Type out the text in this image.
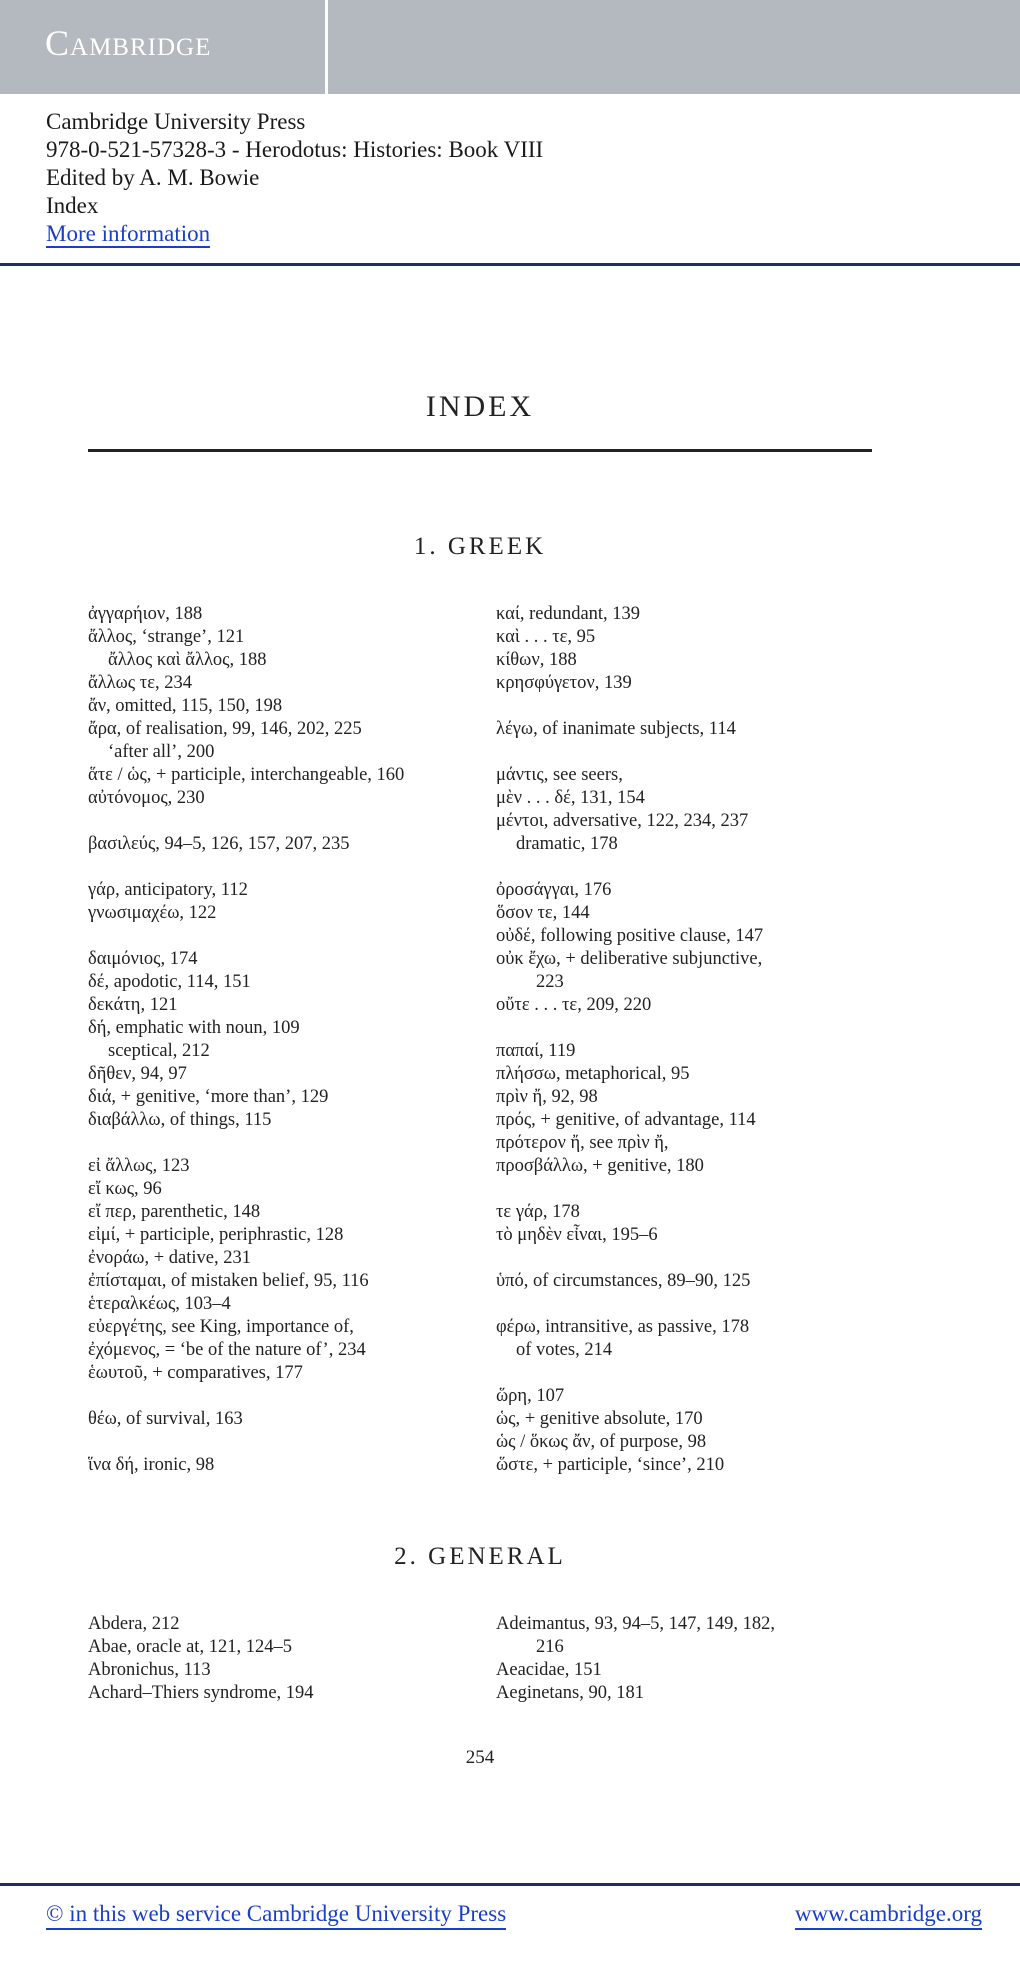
Cambridge
Cambridge University Press
978-0-521-57328-3 - Herodotus: Histories: Book VIII
Edited by A. M. Bowie
Index
More information
INDEX
1. GREEK
ἀγγαρήιον, 188
ἄλλος, ‘strange’, 121
ἄλλος καὶ ἄλλος, 188
ἄλλως τε, 234
ἄν, omitted, 115, 150, 198
ἄρα, of realisation, 99, 146, 202, 225
‘after all’, 200
ἅτε / ὡς, + participle, interchangeable, 160
αὐτόνομος, 230
βασιλεύς, 94–5, 126, 157, 207, 235
γάρ, anticipatory, 112
γνωσιμαχέω, 122
δαιμόνιος, 174
δέ, apodotic, 114, 151
δεκάτη, 121
δή, emphatic with noun, 109
sceptical, 212
δῆθεν, 94, 97
διά, + genitive, ‘more than’, 129
διαβάλλω, of things, 115
εἰ ἄλλως, 123
εἴ κως, 96
εἴ περ, parenthetic, 148
εἰμί, + participle, periphrastic, 128
ἐνοράω, + dative, 231
ἐπίσταμαι, of mistaken belief, 95, 116
ἑτεραλκέως, 103–4
εὐεργέτης, see King, importance of,
ἐχόμενος, = ‘be of the nature of’, 234
ἑωυτοῦ, + comparatives, 177
θέω, of survival, 163
ἵνα δή, ironic, 98
καί, redundant, 139
καὶ . . . τε, 95
κίθων, 188
κρησφύγετον, 139
λέγω, of inanimate subjects, 114
μάντις, see seers,
μὲν . . . δέ, 131, 154
μέντοι, adversative, 122, 234, 237
dramatic, 178
ὀροσάγγαι, 176
ὅσον τε, 144
οὐδέ, following positive clause, 147
οὐκ ἔχω, + deliberative subjunctive,
223
οὔτε . . . τε, 209, 220
παπαί, 119
πλήσσω, metaphorical, 95
πρὶν ἤ, 92, 98
πρός, + genitive, of advantage, 114
πρότερον ἤ, see πρὶν ἤ,
προσβάλλω, + genitive, 180
τε γάρ, 178
τὸ μηδὲν εἶναι, 195–6
ὑπό, of circumstances, 89–90, 125
φέρω, intransitive, as passive, 178
of votes, 214
ὥρη, 107
ὡς, + genitive absolute, 170
ὡς / ὅκως ἄν, of purpose, 98
ὥστε, + participle, ‘since’, 210
2. GENERAL
Abdera, 212
Abae, oracle at, 121, 124–5
Abronichus, 113
Achard–Thiers syndrome, 194
Adeimantus, 93, 94–5, 147, 149, 182,
216
Aeacidae, 151
Aeginetans, 90, 181
254
© in this web service Cambridge University Press	www.cambridge.org
